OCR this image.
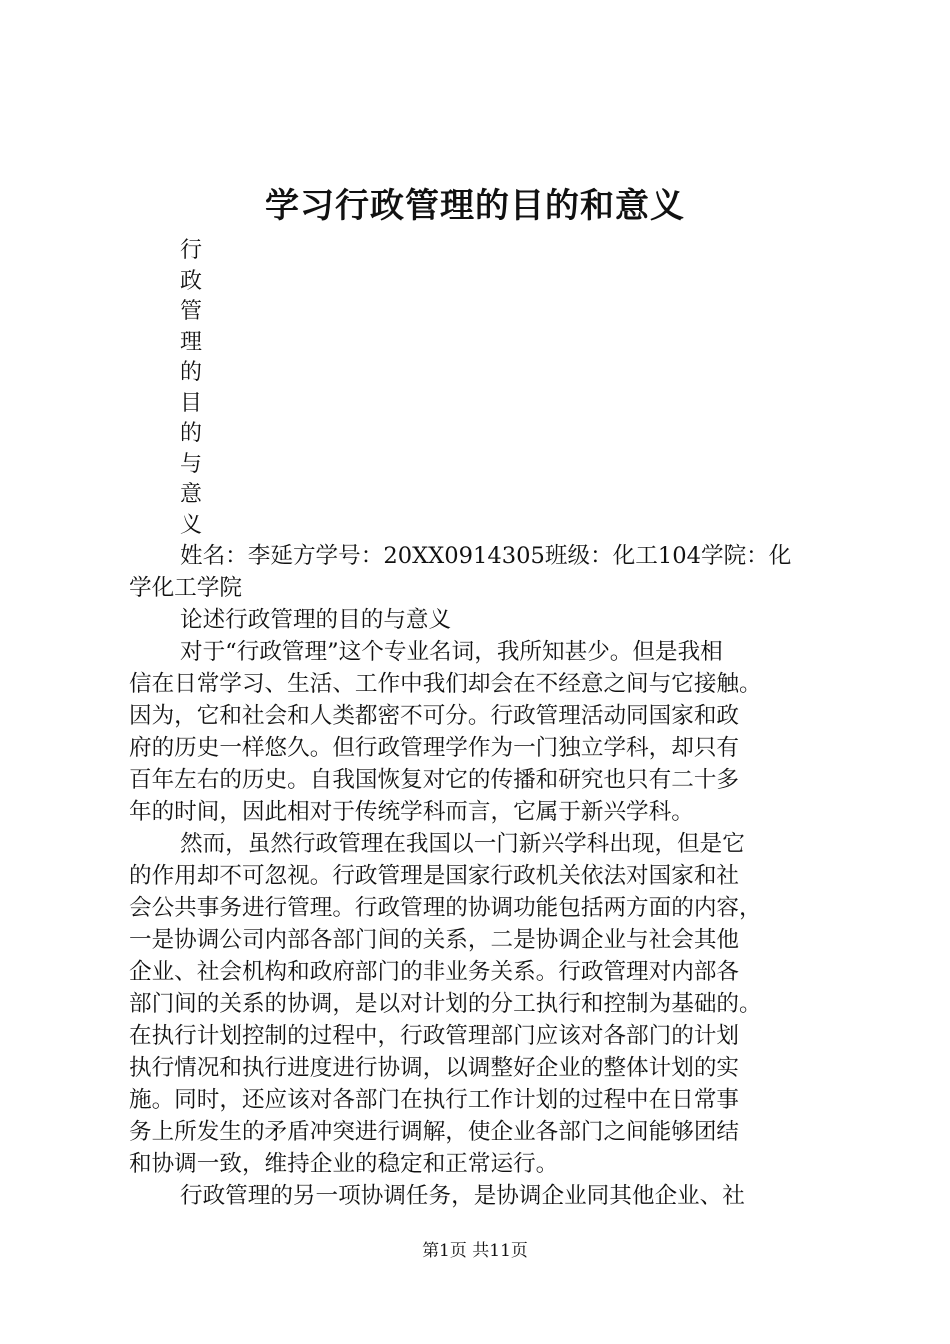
学习行政管理的目的和意义
行
政
管
理
的
目
的
与
意
义
姓名：李延方学号：20XX0914305班级：化工104学院：化
学化工学院
论述行政管理的目的与意义
对于“行政管理”这个专业名词，我所知甚少。但是我相
信在日常学习、生活、工作中我们却会在不经意之间与它接触。
因为，它和社会和人类都密不可分。行政管理活动同国家和政
府的历史一样悠久。但行政管理学作为一门独立学科，却只有
百年左右的历史。自我国恢复对它的传播和研究也只有二十多
年的时间，因此相对于传统学科而言，它属于新兴学科。
然而，虽然行政管理在我国以一门新兴学科出现，但是它
的作用却不可忽视。行政管理是国家行政机关依法对国家和社
会公共事务进行管理。行政管理的协调功能包括两方面的内容，
一是协调公司内部各部门间的关系，二是协调企业与社会其他
企业、社会机构和政府部门的非业务关系。行政管理对内部各
部门间的关系的协调，是以对计划的分工执行和控制为基础的。
在执行计划控制的过程中，行政管理部门应该对各部门的计划
执行情况和执行进度进行协调，以调整好企业的整体计划的实
施。同时，还应该对各部门在执行工作计划的过程中在日常事
务上所发生的矛盾冲突进行调解，使企业各部门之间能够团结
和协调一致，维持企业的稳定和正常运行。
行政管理的另一项协调任务，是协调企业同其他企业、社
第1页 共11页
